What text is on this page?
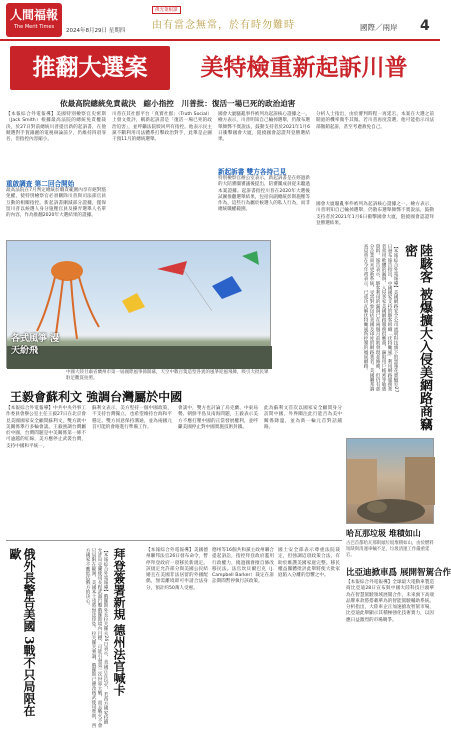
人間福報
The Merit Times
2024年8月29日 星期四
佛光菜根譚
由有當念無常，於有時勿難時	國際／兩岸 4
推翻大選案	美特檢重新起訴川普
依最高院總統免責裁決　縮小指控　川普批：復活一場已死的政治迫害
【本報綜合外電報導】美國特別檢察官史密斯（Jack Smith）根據最高法院的總統免責權裁決，於27日對前總統川普提出新的起訴書，在他競選對手賀錦麗的電視辯論前夕，仍維持四項罪名，但指控內容縮小。
重啟調查 第二回合開始
最高法院在7月判定總統於職責範圍內享有絕對豁免權，使特別檢察官必須刪除川普與司法部官員互動的相關指控。新起訴書刪減部分證據，僅保留川普以候選人身分施壓官員及操弄選舉人名單的內容，作為推翻2020年大選結果的證據。
川普在其社群平台「真實社群」（Truth Social）上發文批評，稱新起訴書是「復活一場已死的政治迫害」，並呼籲法院駁回所有指控。他表示民主黨不斷利用司法體系打擊政治對手，此舉是企圖干預11月的總統選舉。
國會大廈騷亂事件被列為起訴核心證據之一。檢方表示，川普明知自己輸掉選舉，仍散布選舉舞弊不實說法，鼓動支持者於2021年1月6日衝擊國會大廈，阻撓國會認證拜登勝選結果。
新起訴書 雙方各持己見
特別檢察官辦公室表示，新起訴書是在經過新的大陪審團審議後提出，陪審團成員從未聽過本案證據。起訴書指控川普在2020年大選後試圖推翻選舉結果，包括向副總統彭斯施壓等作為，這些行為屬於候選人的私人行為，而非總統職權範圍。
分析人士指出，由於審判時程一再延宕，本案在大選之前開庭的機率微乎其微。若川普再度當選，他可能指示司法部撤銷起訴，甚至考慮赦免自己。
國會大廈騷亂事件被列為起訴核心證據之一。檢方表示，川普明知自己輸掉選舉，仍散布選舉舞弊不實說法，鼓動支持者於2021年1月6日衝擊國會大廈，阻撓國會認證拜登勝選結果。
各式風箏 漫天紛飛
中國大陸甘肅省蘭州市第一屆國際風箏節開幕，天空中數百隻造型各異的風箏迎風飛舞，吸引大批民眾駐足觀賞拍照。	陸駭客 被爆擴大入侵美網路商竊密
【本報綜合外電報導】美國網路安全公司流明科技旗下的黑蓮花實驗室27日發布報告指出，中國國家支持的駭客組織「伏特颱風」利用網路服務業者常用軟體的漏洞，入侵多家美國網路服務供應商，竊取用戶帳密等敏感資料。報告表示，駭客利用的漏洞已在兩個月前被發現並修補，但仍有部分企業尚未更新系統，受害對象包括美國及印度的網路業者。美國聯邦調查局曾在今年初表示，已成功瓦解伏特颱風所控制的殭屍網路。
哈瓦那垃圾 堆積如山
古巴首都哈瓦那街頭垃圾堆積如山，由於燃料短缺與清運車輛不足，垃圾清運工作嚴重延宕。
王毅會蘇利文 強調台灣屬於中國
【本報綜合外電報導】中共中央外事工作委員會辦公室主任王毅27日在北京會見美國國家安全顧問蘇利文，雙方就中美關係舉行多輪會談。王毅強調台灣屬於中國，台灣問題是中美關係第一條不可逾越的紅線，美方應停止武裝台灣，支持中國和平統一。
蘇利文表示，美方堅持一個中國政策，不支持台灣獨立，也希望維持台海和平穩定。雙方同意保持溝通，並為兩國元首可能的會晤進行準備工作。
會談中，雙方也討論了烏克蘭、中東局勢、朝鮮半島及南海問題，王毅表示美方不應打壓中國的正當發展權利，並呼籲美國停止對中國實施技術封鎖。
此為蘇利文首次以國家安全顧問身分訪問中國，外界關注此行能否為美中關係降溫，並為新一輪元首對話鋪路。
俄外長警告美國 3戰不只局限在歐	【本報綜合外電報導】俄羅斯外長拉夫羅夫26日表示，美國正在玩火，若西方國家持續允許烏克蘭使用長程武器打擊俄羅斯境內目標，可能引發第三次世界大戰，而且戰火不會只局限在歐洲，美國本土也將無法倖免。拉夫羅夫強調，俄羅斯已修改核武使用準則，西方國家不應低估俄方的決心。	拜登簽署新規 德州法官喊卡	【本報綜合外電報導】美國德州聯邦法官26日發布命令，暫停拜登政府一項移民新規定。該規定允許部分與美國公民結婚且在美國非法居留的外國配偶，無需離境即可申請合法身分，預計約50萬人受惠。
德州等16個共和黨主政州聯合提起訴訟，指控拜登政府濫用行政權力，繞過國會擅自修改移民法。法官坎貝爾巴克（J. Campbell Barker）裁定在訴訟期間暫停執行該政策。
國土安全部表示尊重法院裁定，但強調這項政策合法，有助於維護美國家庭完整。移民權益團體批評此舉將使大批家庭陷入分離的恐懼之中。	比亞迪掀車爲 展開智駕合作
【本報綜合外電報導】全球最大電動車製造商比亞迪28日宣布與中國大陸科技巨頭華為在智慧駕駛領域展開合作，未來旗下高端品牌車款將搭載華為的智能駕駛輔助系統。分析指出，大陸車企正加速搶攻智駕市場，比亞迪此舉顯示其積極強化技術實力，以因應日益激烈的市場競爭。
